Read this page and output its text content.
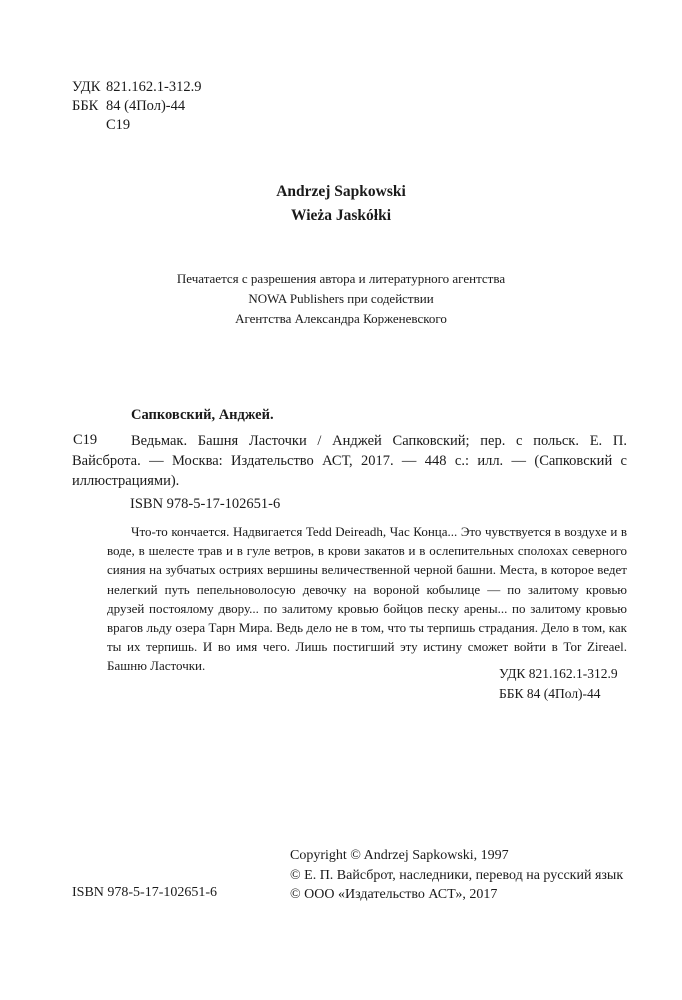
УДК 821.162.1-312.9
ББК 84 (4Пол)-44
С19
Andrzej Sapkowski
Wieża Jaskółki
Печатается с разрешения автора и литературного агентства
NOWA Publishers при содействии
Агентства Александра Корженевского
Сапковский, Анджей.
С19	Ведьмак. Башня Ласточки / Анджей Сапковский; пер. с польск. Е. П. Вайсброта. — Москва: Издательство АСТ, 2017. — 448 с.: илл. — (Сапковский с иллюстрациями).
ISBN 978-5-17-102651-6
Что-то кончается. Надвигается Tedd Deireadh, Час Конца... Это чувствуется в воздухе и в воде, в шелесте трав и в гуле ветров, в крови закатов и в ослепительных сполохах северного сияния на зубчатых остриях вершины величественной черной башни. Места, в которое ведет нелегкий путь пепельноволосую девочку на вороной кобылице — по залитому кровью друзей постоялому двору... по залитому кровью бойцов песку арены... по залитому кровью врагов льду озера Тарн Мира. Ведь дело не в том, что ты терпишь страдания. Дело в том, как ты их терпишь. И во имя чего. Лишь постигший эту истину сможет войти в Tor Zireael. Башню Ласточки.
УДК 821.162.1-312.9
ББК 84 (4Пол)-44
Copyright © Andrzej Sapkowski, 1997
© Е. П. Вайсброт, наследники, перевод на русский язык
© ООО «Издательство АСТ», 2017
ISBN 978-5-17-102651-6
